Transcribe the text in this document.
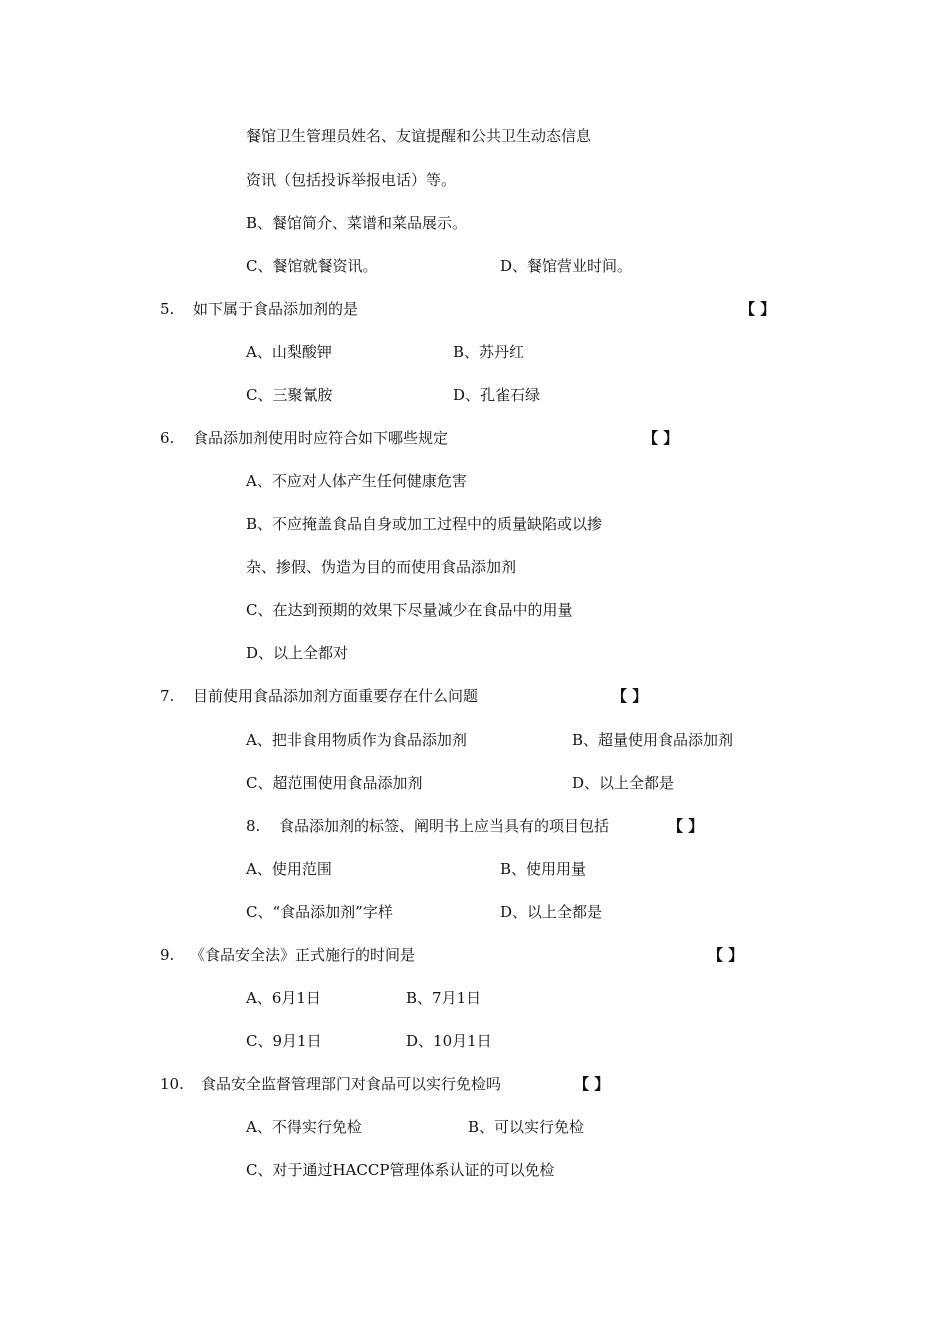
餐馆卫生管理员姓名、友谊提醒和公共卫生动态信息
资讯（包括投诉举报电话）等。
B、餐馆简介、菜谱和菜品展示。
C、餐馆就餐资讯。	D、餐馆营业时间。
5. 如下属于食品添加剂的是	【 】
A、山梨酸钾	B、苏丹红
C、三聚氰胺	D、孔雀石绿
6. 食品添加剂使用时应符合如下哪些规定	【 】
A、不应对人体产生任何健康危害
B、不应掩盖食品自身或加工过程中的质量缺陷或以掺
杂、掺假、伪造为目的而使用食品添加剂
C、在达到预期的效果下尽量减少在食品中的用量
D、以上全都对
7. 目前使用食品添加剂方面重要存在什么问题	【 】
A、把非食用物质作为食品添加剂	B、超量使用食品添加剂
C、超范围使用食品添加剂	D、以上全都是
8. 食品添加剂的标签、阐明书上应当具有的项目包括	【 】
A、使用范围	B、使用用量
C、“食品添加剂”字样	D、以上全都是
9. 《食品安全法》正式施行的时间是	【 】
A、6月1日	B、7月1日
C、9月1日	D、10月1日
10. 食品安全监督管理部门对食品可以实行免检吗	【 】
A、不得实行免检	B、可以实行免检
C、对于通过HACCP管理体系认证的可以免检
